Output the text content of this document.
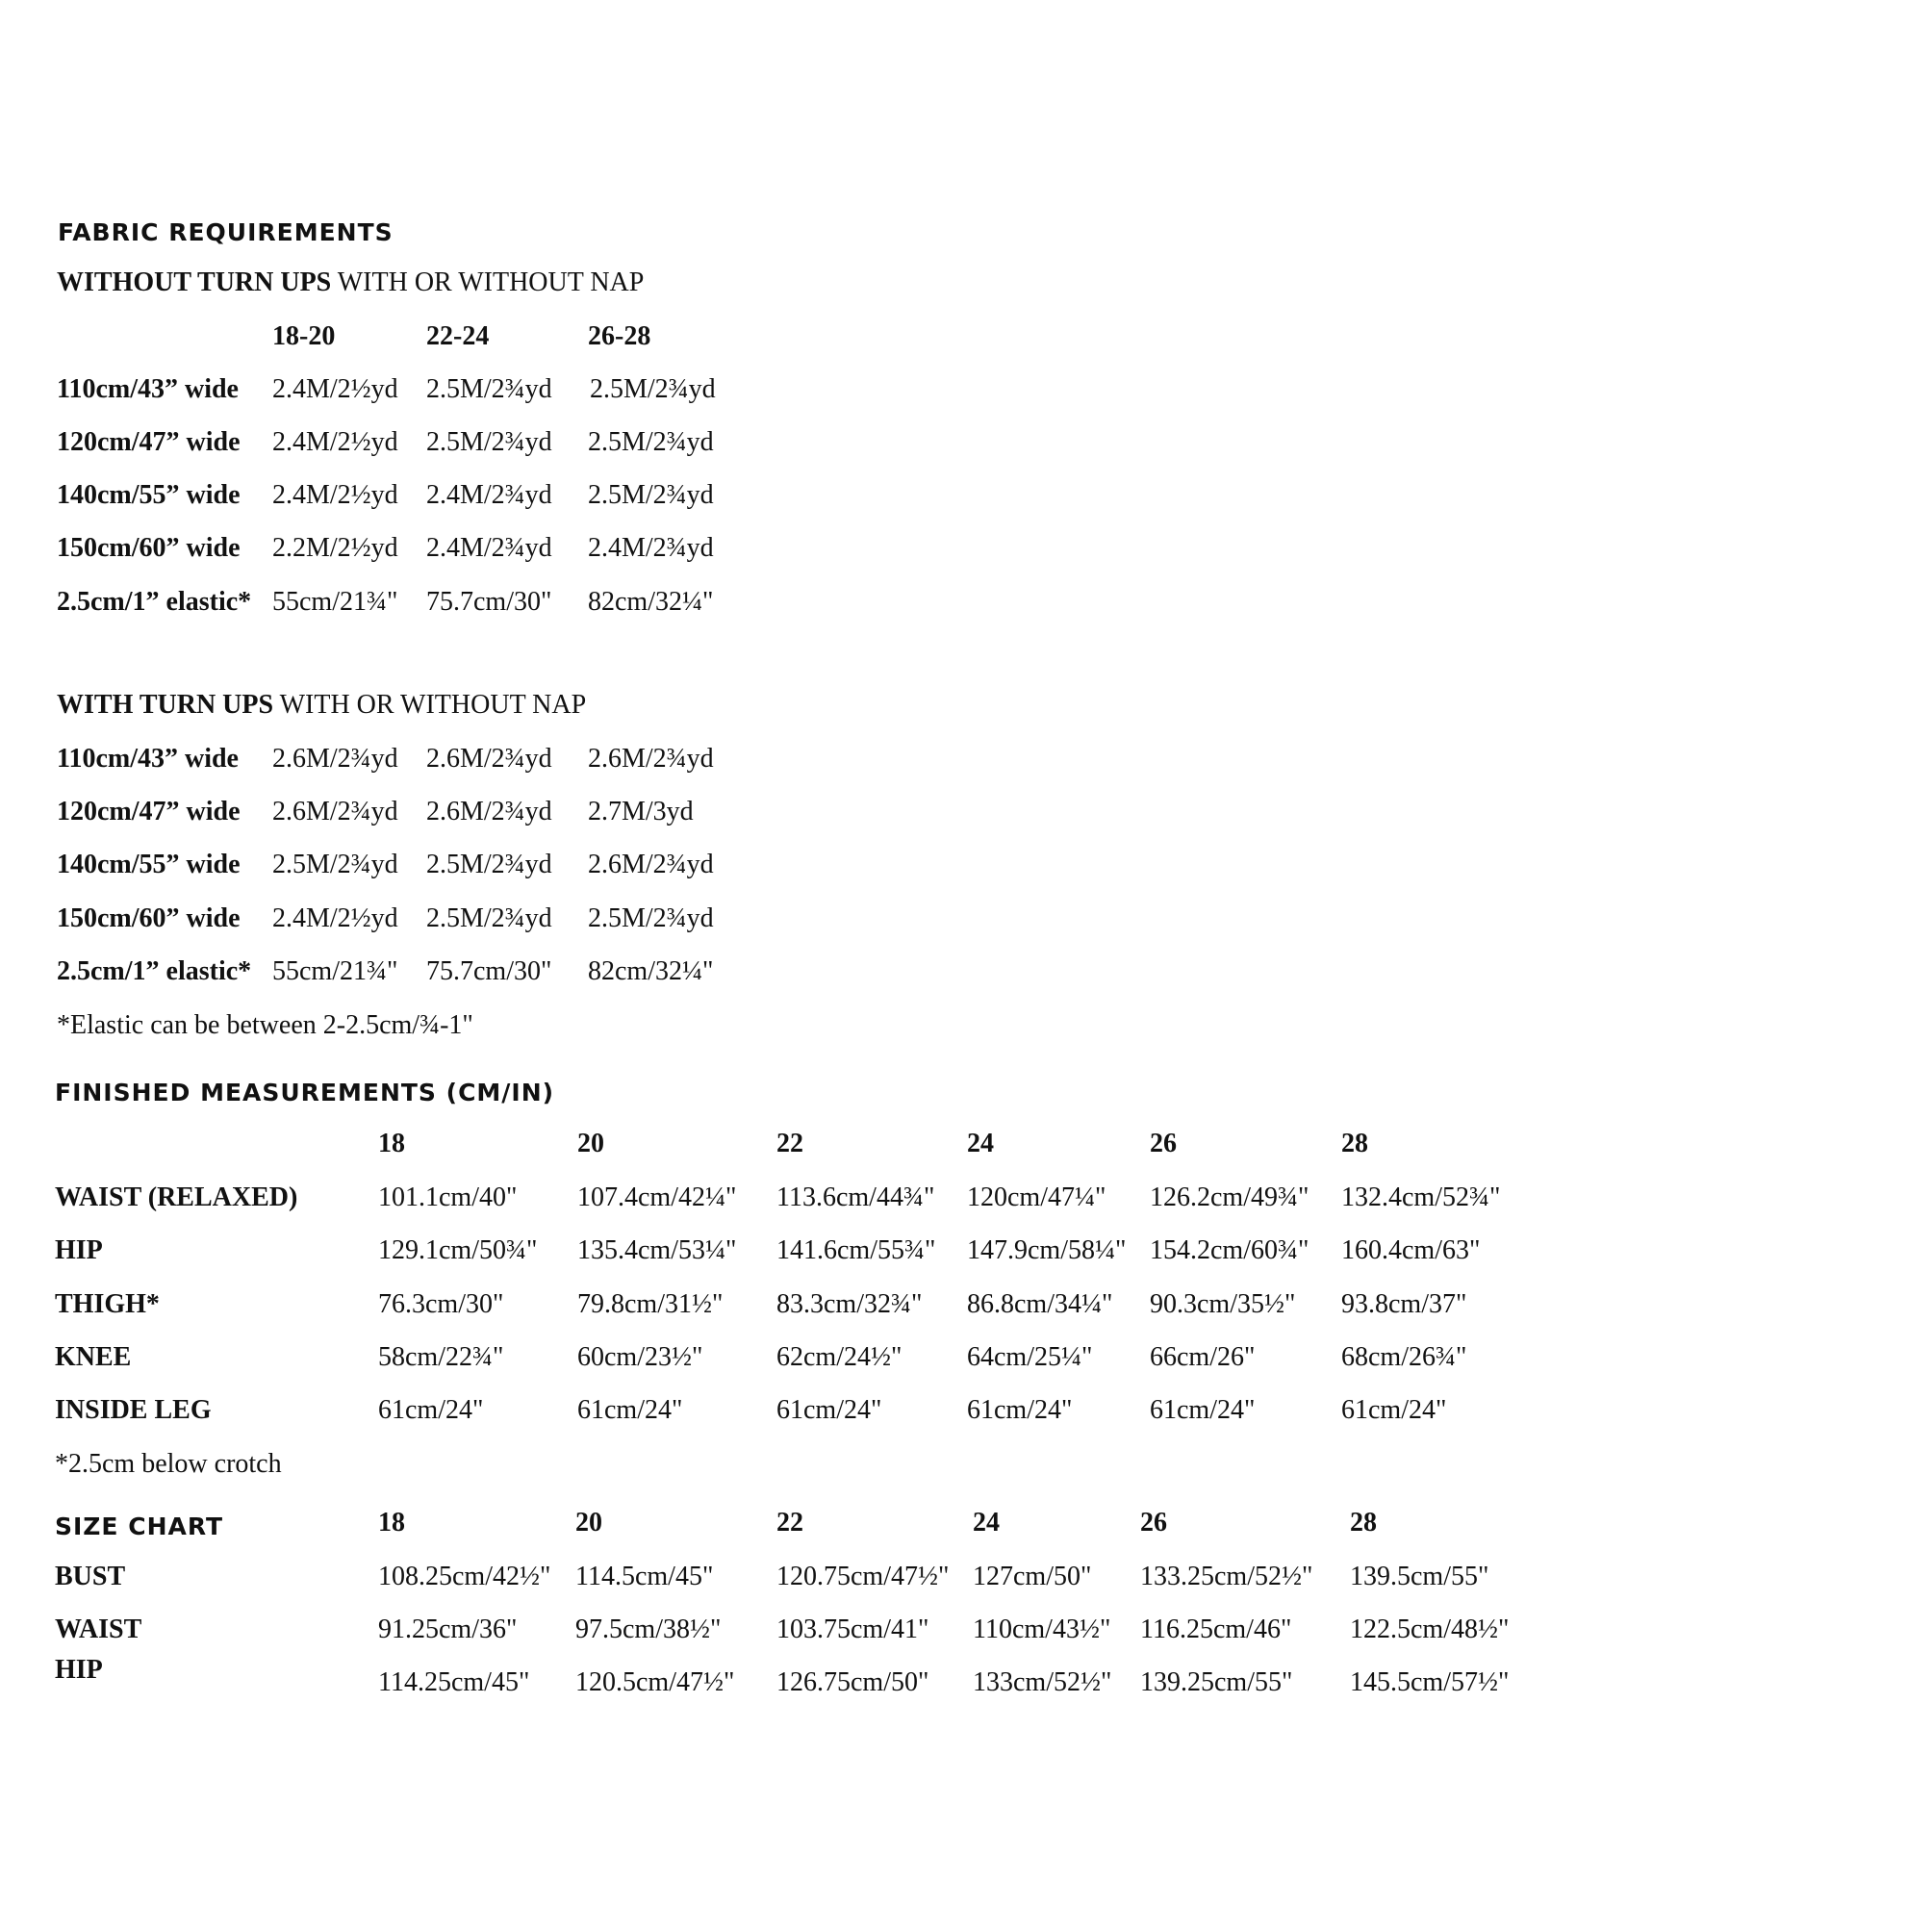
FABRIC REQUIREMENTS
WITHOUT TURN UPS WITH OR WITHOUT NAP
18-20	22-24	26-28
110cm/43” wide 2.4M/2½yd 2.5M/2¾yd 2.5M/2¾yd
120cm/47” wide 2.4M/2½yd 2.5M/2¾yd 2.5M/2¾yd
140cm/55” wide 2.4M/2½yd 2.4M/2¾yd 2.5M/2¾yd
150cm/60” wide 2.2M/2½yd 2.4M/2¾yd 2.4M/2¾yd
2.5cm/1” elastic* 55cm/21¾" 75.7cm/30" 82cm/32¼"
WITH TURN UPS WITH OR WITHOUT NAP
110cm/43” wide 2.6M/2¾yd 2.6M/2¾yd 2.6M/2¾yd
120cm/47” wide 2.6M/2¾yd 2.6M/2¾yd 2.7M/3yd
140cm/55” wide 2.5M/2¾yd 2.5M/2¾yd 2.6M/2¾yd
150cm/60” wide 2.4M/2½yd 2.5M/2¾yd 2.5M/2¾yd
2.5cm/1” elastic* 55cm/21¾" 75.7cm/30" 82cm/32¼"
*Elastic can be between 2-2.5cm/¾-1"
FINISHED MEASUREMENTS (CM/IN)
18	20	22	24	26	28
WAIST (RELAXED)	101.1cm/40" 107.4cm/42¼" 113.6cm/44¾" 120cm/47¼" 126.2cm/49¾" 132.4cm/52¾"
HIP	129.1cm/50¾" 135.4cm/53¼" 141.6cm/55¾" 147.9cm/58¼" 154.2cm/60¾" 160.4cm/63"
THIGH*	76.3cm/30"	79.8cm/31½" 83.3cm/32¾" 86.8cm/34¼" 90.3cm/35½" 93.8cm/37"
KNEE	58cm/22¾"	60cm/23½"	62cm/24½" 64cm/25¼" 66cm/26"	68cm/26¾"
INSIDE LEG	61cm/24"	61cm/24"	61cm/24"	61cm/24"	61cm/24"	61cm/24"
*2.5cm below crotch
SIZE CHART	18	20	22	24	26	28
BUST	108.25cm/42½" 114.5cm/45" 120.75cm/47½" 127cm/50" 133.25cm/52½" 139.5cm/55"
WAIST	91.25cm/36" 97.5cm/38½" 103.75cm/41" 110cm/43½" 116.25cm/46" 122.5cm/48½"
HIP	114.25cm/45" 120.5cm/47½" 126.75cm/50" 133cm/52½" 139.25cm/55" 145.5cm/57½"
